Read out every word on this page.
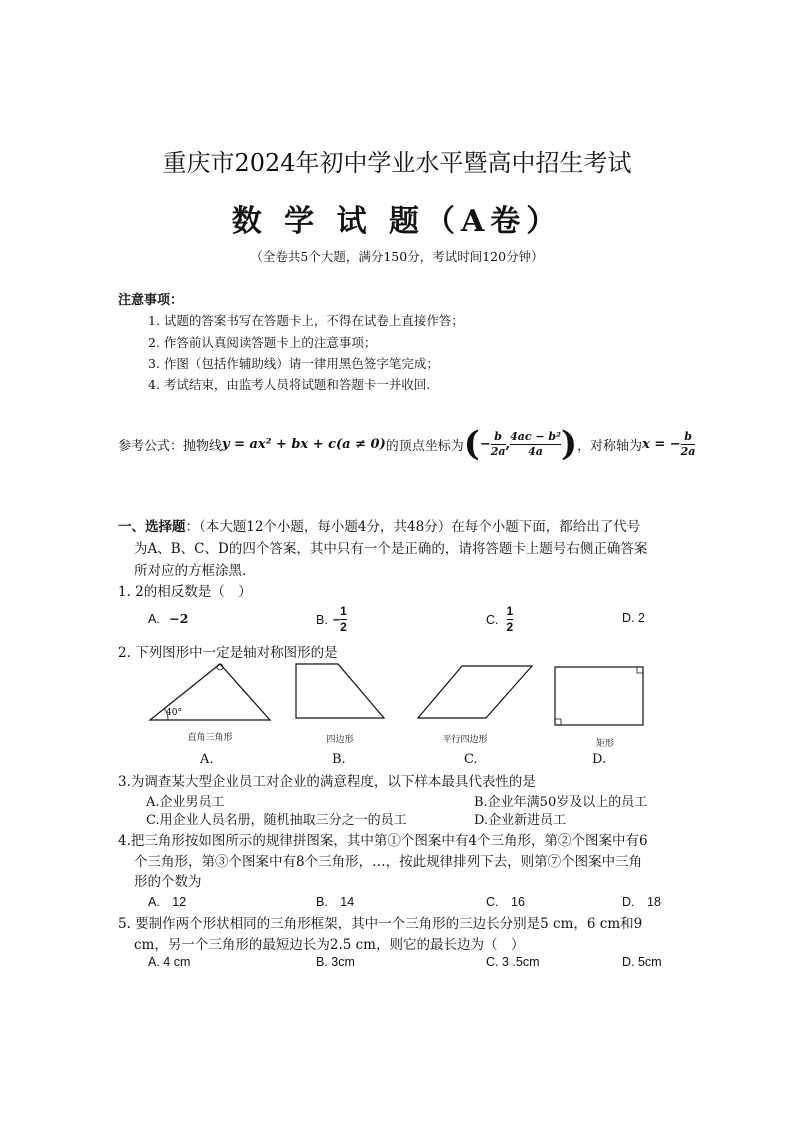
重庆市2024年初中学业水平暨高中招生考试
数 学 试 题（A卷）
（全卷共5个大题，满分150分，考试时间120分钟）
注意事项：
1. 试题的答案书写在答题卡上，不得在试卷上直接作答；
2. 作答前认真阅读答题卡上的注意事项；
3. 作图（包括作辅助线）请一律用黑色签字笔完成；
4. 考试结束，由监考人员将试题和答题卡一并收回.
参考公式：抛物线 y = ax² + bx + c(a ≠ 0) 的顶点坐标为 ( − $\frac{b}{2a}$ , $\frac{\text{4ac − b²}}{4a}$ ) ，对称轴为 x = − $\frac{b}{2a}$
一、选择题：（本大题12个小题，每小题4分，共48分）在每个小题下面，都给出了代号
为A、B、C、D的四个答案，其中只有一个是正确的，请将答题卡上题号右侧正确答案
所对应的方框涂黑.
1. 2的相反数是（　）
A. −2	B. − $\frac{1}{2}$	C. $\frac{1}{2}$	D. 2
2. 下列图形中一定是轴对称图形的是
40°
直角三角形	四边形	平行四边形	矩形
A.	B.	C.	D.
3.为调查某大型企业员工对企业的满意程度，以下样本最具代表性的是
A.企业男员工	B.企业年满50岁及以上的员工
C.用企业人员名册，随机抽取三分之一的员工	D.企业新进员工
4.把三角形按如图所示的规律拼图案，其中第①个图案中有4个三角形，第②个图案中有6
个三角形，第③个图案中有8个三角形，…，按此规律排列下去，则第⑦个图案中三角
形的个数为
A.　12	B.　14	C.　16	D.　18
5. 要制作两个形状相同的三角形框架，其中一个三角形的三边长分别是5 cm，6 cm和9
cm，另一个三角形的最短边长为2.5 cm，则它的最长边为（　）
A. 4 cm	B. 3cm	C. 3 .5cm	D. 5cm
